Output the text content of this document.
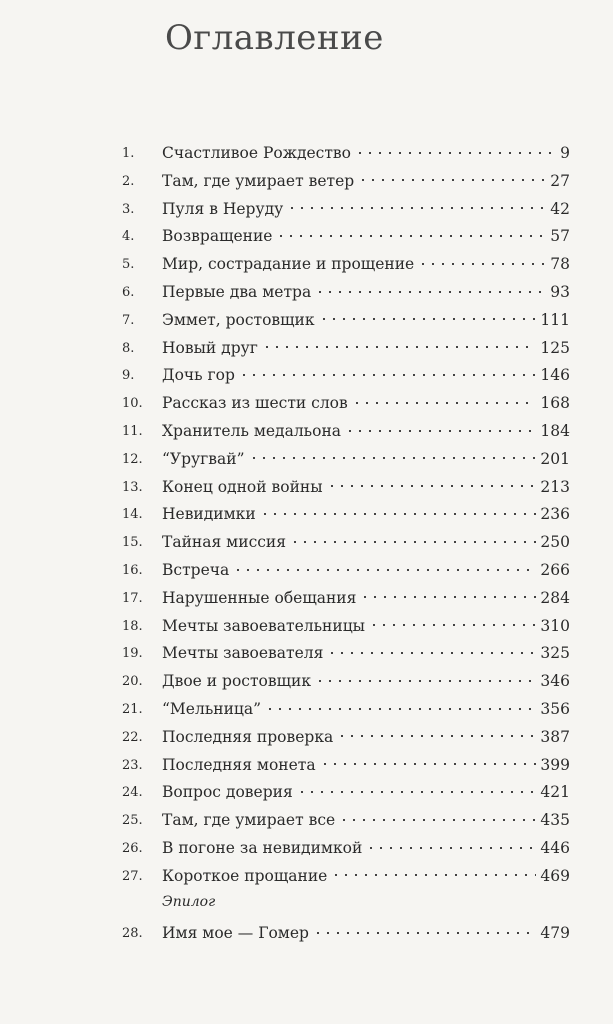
Оглавление
1. Счастливое Рождество	9
2. Там, где умирает ветер	27
3. Пуля в Неруду	42
4. Возвращение	57
5. Мир, сострадание и прощение	78
6. Первые два метра	93
7. Эммет, ростовщик	111
8. Новый друг	125
9. Дочь гор	146
10. Рассказ из шести слов	168
11. Хранитель медальона	184
12. “Уругвай”	201
13. Конец одной войны	213
14. Невидимки	236
15. Тайная миссия	250
16. Встреча	266
17. Нарушенные обещания	284
18. Мечты завоевательницы	310
19. Мечты завоевателя	325
20. Двое и ростовщик	346
21. “Мельница”	356
22. Последняя проверка	387
23. Последняя монета	399
24. Вопрос доверия	421
25. Там, где умирает все	435
26. В погоне за невидимкой	446
27. Короткое прощание	469
Эпилог
28. Имя мое — Гомер	479
